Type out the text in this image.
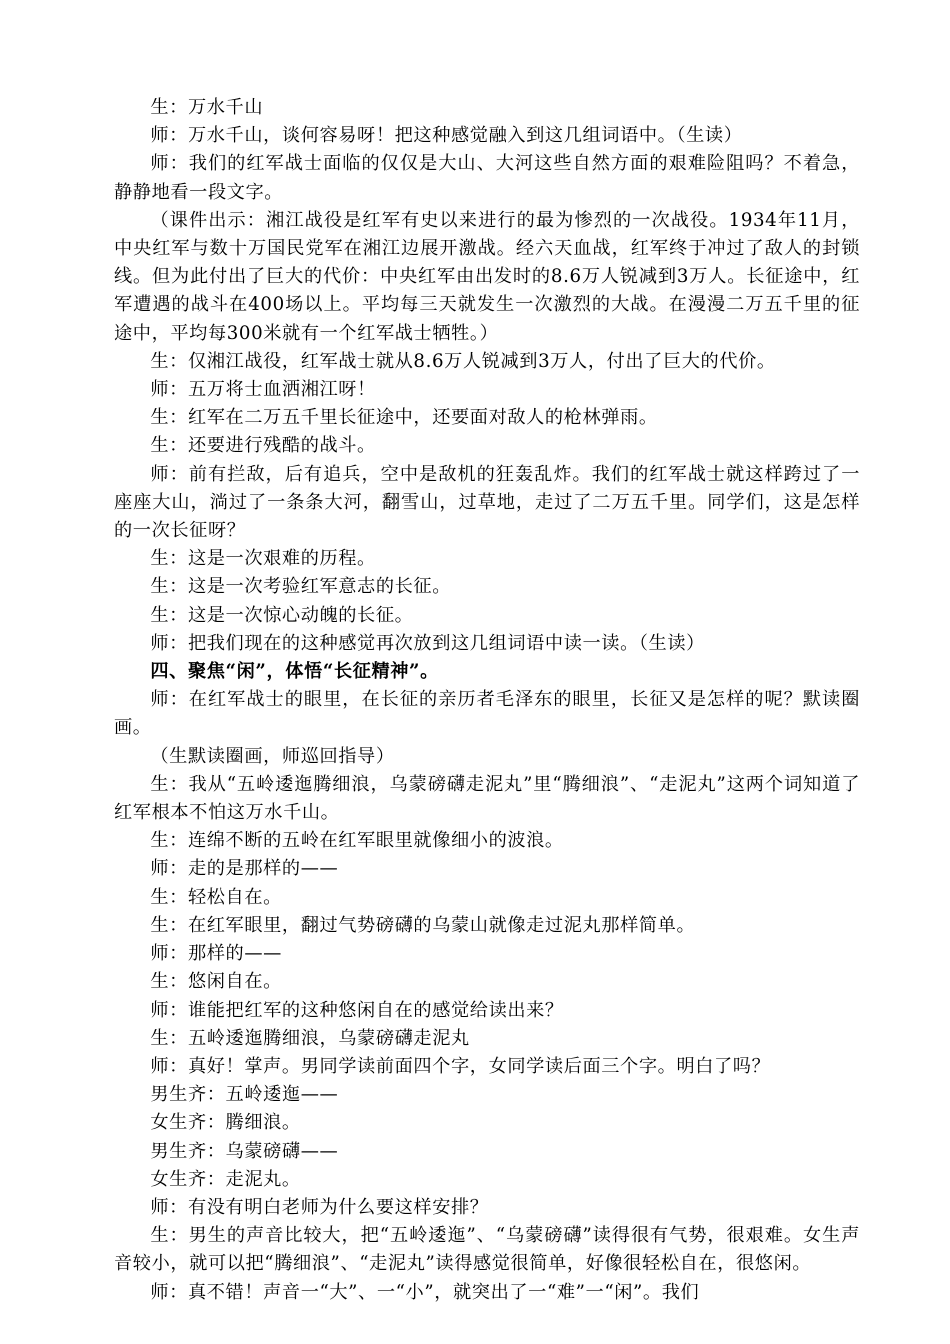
生：万水千山

师：万水千山，谈何容易呀！把这种感觉融入到这几组词语中。（生读）

师：我们的红军战士面临的仅仅是大山、大河这些自然方面的艰难险阻吗？不着急，静静地看一段文字。

（课件出示：湘江战役是红军有史以来进行的最为惨烈的一次战役。1934年11月，中央红军与数十万国民党军在湘江边展开激战。经六天血战，红军终于冲过了敌人的封锁线。但为此付出了巨大的代价：中央红军由出发时的8.6万人锐减到3万人。长征途中，红军遭遇的战斗在400场以上。平均每三天就发生一次激烈的大战。在漫漫二万五千里的征途中，平均每300米就有一个红军战士牺牲。）

生：仅湘江战役，红军战士就从8.6万人锐减到3万人，付出了巨大的代价。

师：五万将士血洒湘江呀！

生：红军在二万五千里长征途中，还要面对敌人的枪林弹雨。

生：还要进行残酷的战斗。

师：前有拦敌，后有追兵，空中是敌机的狂轰乱炸。我们的红军战士就这样跨过了一座座大山，淌过了一条条大河，翻雪山，过草地，走过了二万五千里。同学们，这是怎样的一次长征呀？

生：这是一次艰难的历程。

生：这是一次考验红军意志的长征。

生：这是一次惊心动魄的长征。

师：把我们现在的这种感觉再次放到这几组词语中读一读。（生读）

四、聚焦“闲”，体悟“长征精神”。

师：在红军战士的眼里，在长征的亲历者毛泽东的眼里，长征又是怎样的呢？默读圈画。

（生默读圈画，师巡回指导）

生：我从“五岭逶迤腾细浪，乌蒙磅礴走泥丸”里“腾细浪”、“走泥丸”这两个词知道了红军根本不怕这万水千山。

生：连绵不断的五岭在红军眼里就像细小的波浪。

师：走的是那样的——

生：轻松自在。

生：在红军眼里，翻过气势磅礴的乌蒙山就像走过泥丸那样简单。

师：那样的——

生：悠闲自在。

师：谁能把红军的这种悠闲自在的感觉给读出来？

生：五岭逶迤腾细浪，乌蒙磅礴走泥丸

师：真好！掌声。男同学读前面四个字，女同学读后面三个字。明白了吗？

男生齐：五岭逶迤——

女生齐：腾细浪。

男生齐：乌蒙磅礴——

女生齐：走泥丸。

师：有没有明白老师为什么要这样安排？

生：男生的声音比较大，把“五岭逶迤”、“乌蒙磅礴”读得很有气势，很艰难。女生声音较小，就可以把“腾细浪”、“走泥丸”读得感觉很简单，好像很轻松自在，很悠闲。

师：真不错！声音一“大”、一“小”，就突出了一“难”一“闲”。我们
